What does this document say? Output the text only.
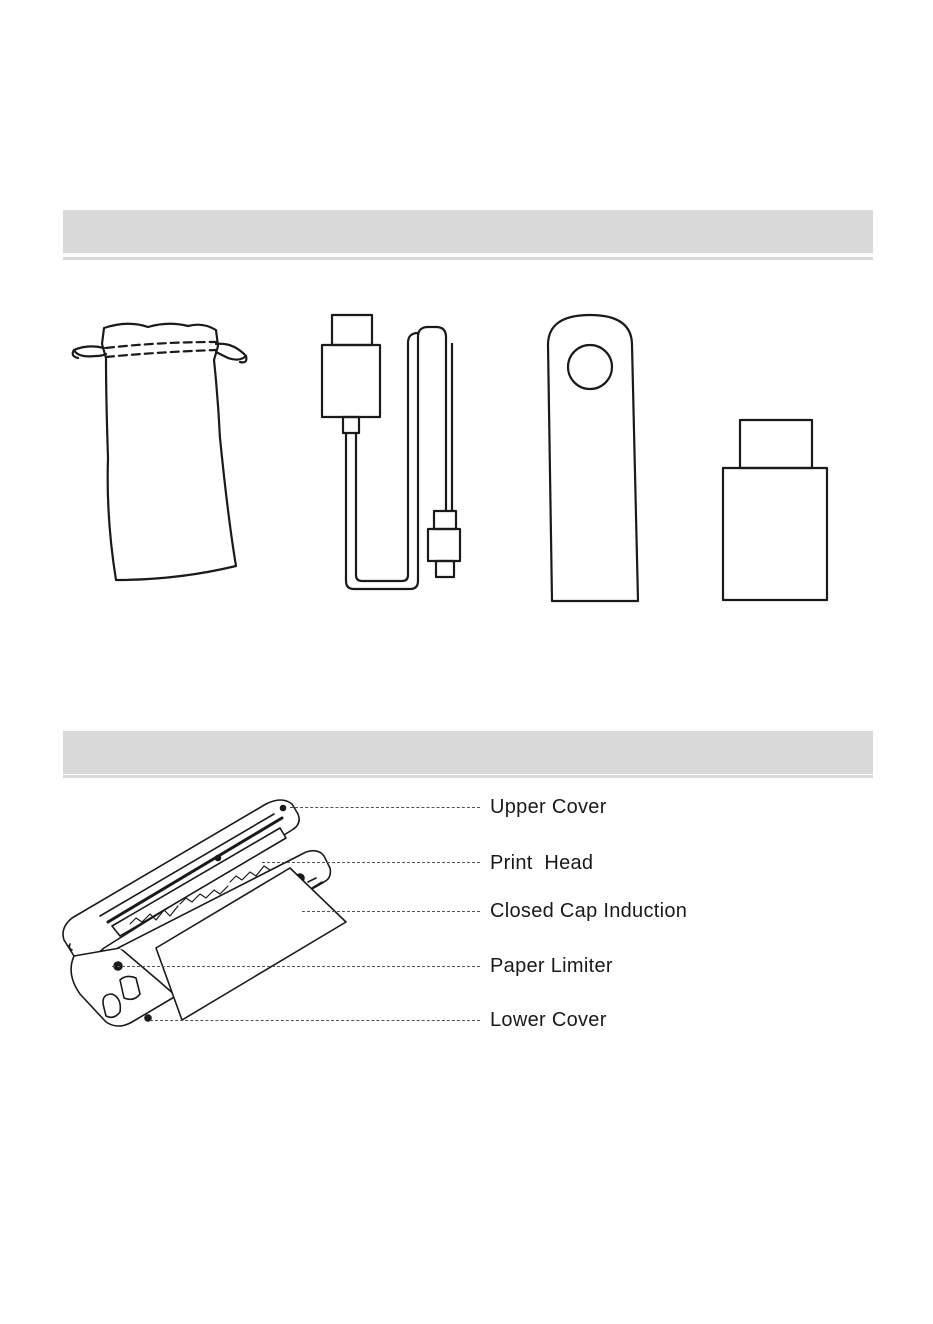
Upper Cover
Print  Head
Closed Cap Induction
Paper Limiter
Lower Cover
